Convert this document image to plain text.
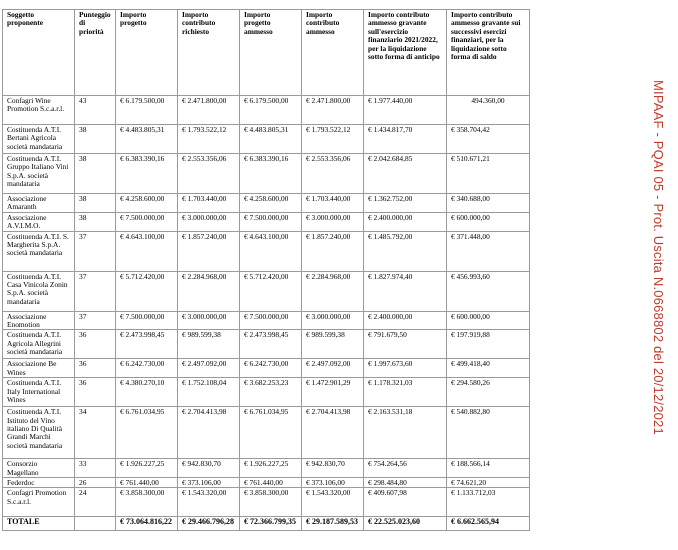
Soggetto proponente	Punteggio di priorità	Importo progetto	Importo contributo richiesto	Importo progetto ammesso	Importo contributo ammesso	Importo contributo ammesso gravante sull'esercizio finanziario 2021/2022, per la liquidazione sotto forma di anticipo	Importo contributo ammesso gravante sui successivi esercizi finanziari, per la liquidazione sotto forma di saldo
Confagri Wine Promotion S.c.a.r.l.	43	€ 6.179.500,00	€ 2.471.800,00	€ 6.179.500,00	€ 2.471.800,00	€ 1.977.440,00	494.360,00
Costituenda A.T.I. Bertani Agricola società mandataria	38	€ 4.483.805,31	€ 1.793.522,12	€ 4.483.805,31	€ 1.793.522,12	€ 1.434.817,70	€ 358.704,42
Costituenda A.T.I. Gruppo Italiano Vini S.p.A. società mandataria	38	€ 6.383.390,16	€ 2.553.356,06	€ 6.383.390,16	€ 2.553.356,06	€ 2.042.684,85	€ 510.671,21
Associazione Amaranth	38	€ 4.258.600,00	€ 1.703.440,00	€ 4.258.600,00	€ 1.703.440,00	€ 1.362.752,00	€ 340.688,00
Associazione A.V.I.M.O.	38	€ 7.500.000,00	€ 3.000.000,00	€ 7.500.000,00	€ 3.000.000,00	€ 2.400.000,00	€ 600.000,00
Costituenda A.T.I. S. Margherita S.p.A. società mandataria	37	€ 4.643.100,00	€ 1.857.240,00	€ 4.643.100,00	€ 1.857.240,00	€ 1.485.792,00	€ 371.448,00
Costituenda A.T.I. Casa Vinicola Zonin S.p.A. società mandataria	37	€ 5.712.420,00	€ 2.284.968,00	€ 5.712.420,00	€ 2.284.968,00	€ 1.827.974,40	€ 456.993,60
Associazione Enomotion	37	€ 7.500.000,00	€ 3.000.000,00	€ 7.500.000,00	€ 3.000.000,00	€ 2.400.000,00	€ 600.000,00
Costituenda A.T.I. Agricola Allegrini società mandataria	36	€ 2.473.998,45	€ 989.599,38	€ 2.473.998,45	€ 989.599,38	€ 791.679,50	€ 197.919,88
Associazione Be Wines	36	€ 6.242.730,00	€ 2.497.092,00	€ 6.242.730,00	€ 2.497.092,00	€ 1.997.673,60	€ 499.418,40
Costituenda A.T.I. Italy International Wines	36	€ 4.380.270,10	€ 1.752.108,04	€ 3.682.253,23	€ 1.472.901,29	€ 1.178.321,03	€ 294.580,26
Costituenda A.T.I. Istituto del Vino italiano Di Qualità Grandi Marchi società mandataria	34	€ 6.761.034,95	€ 2.704.413,98	€ 6.761.034,95	€ 2.704.413,98	€ 2.163.531,18	€ 540.882,80
Consorzio Magellano	33	€ 1.926.227,25	€ 942.830,70	€ 1.926.227,25	€ 942.830,70	€ 754.264,56	€ 188.566,14
Federdoc	26	€ 761.440,00	€ 373.106,00	€ 761.440,00	€ 373.106,00	€ 298.484,80	€ 74.621,20
Confagri Promotion S.c.a.r.l.	24	€ 3.858.300,00	€ 1.543.320,00	€ 3.858.300,00	€ 1.543.320,00	€ 409.607,98	€ 1.133.712,03
TOTALE		€ 73.064.816,22	€ 29.466.796,28	€ 72.366.799,35	€ 29.187.589,53	€ 22.525.023,60	€ 6.662.565,94
MIPAAF - PQAI 05 - Prot. Uscita N.0668802 del 20/12/2021
